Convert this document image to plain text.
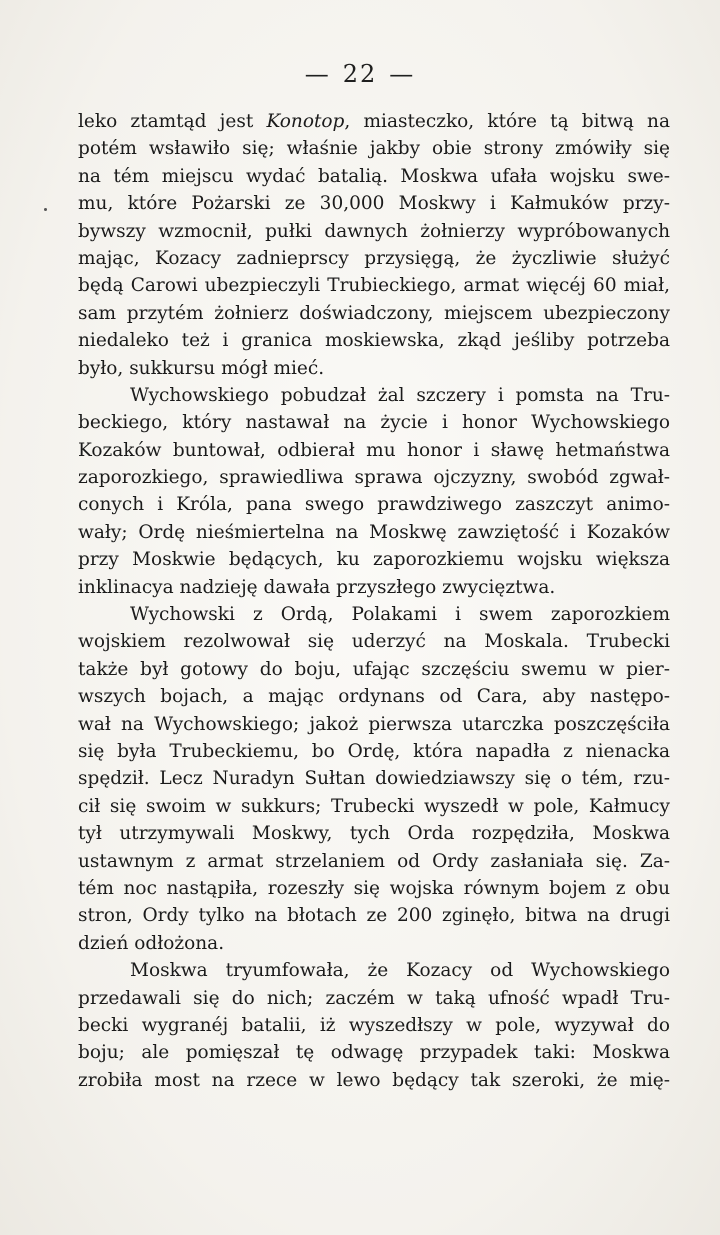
— 22 —
leko ztamtąd jest Konotop, miasteczko, które tą bitwą na
potém wsławiło się; właśnie jakby obie strony zmówiły się
na tém miejscu wydać batalią. Moskwa ufała wojsku swe-
mu, które Pożarski ze 30,000 Moskwy i Kałmuków przy-
bywszy wzmocnił, pułki dawnych żołnierzy wypróbowanych
mając, Kozacy zadnieprscy przysięgą, że życzliwie służyć
będą Carowi ubezpieczyli Trubieckiego, armat więcéj 60 miał,
sam przytém żołnierz doświadczony, miejscem ubezpieczony
niedaleko też i granica moskiewska, zkąd jeśliby potrzeba
było, sukkursu mógł mieć.
Wychowskiego pobudzał żal szczery i pomsta na Tru-
beckiego, który nastawał na życie i honor Wychowskiego
Kozaków buntował, odbierał mu honor i sławę hetmaństwa
zaporozkiego, sprawiedliwa sprawa ojczyzny, swobód zgwał-
conych i Króla, pana swego prawdziwego zaszczyt animo-
wały; Ordę nieśmiertelna na Moskwę zawziętość i Kozaków
przy Moskwie będących, ku zaporozkiemu wojsku większa
inklinacya nadzieję dawała przyszłego zwycięztwa.
Wychowski z Ordą, Polakami i swem zaporozkiem
wojskiem rezolwował się uderzyć na Moskala. Trubecki
także był gotowy do boju, ufając szczęściu swemu w pier-
wszych bojach, a mając ordynans od Cara, aby następo-
wał na Wychowskiego; jakoż pierwsza utarczka poszczęściła
się była Trubeckiemu, bo Ordę, która napadła z nienacka
spędził. Lecz Nuradyn Sułtan dowiedziawszy się o tém, rzu-
cił się swoim w sukkurs; Trubecki wyszedł w pole, Kałmucy
tył utrzymywali Moskwy, tych Orda rozpędziła, Moskwa
ustawnym z armat strzelaniem od Ordy zasłaniała się. Za-
tém noc nastąpiła, rozeszły się wojska równym bojem z obu
stron, Ordy tylko na błotach ze 200 zginęło, bitwa na drugi
dzień odłożona.
Moskwa tryumfowała, że Kozacy od Wychowskiego
przedawali się do nich; zaczém w taką ufność wpadł Tru-
becki wygranéj batalii, iż wyszedłszy w pole, wyzywał do
boju; ale pomięszał tę odwagę przypadek taki: Moskwa
zrobiła most na rzece w lewo będący tak szeroki, że mię-
